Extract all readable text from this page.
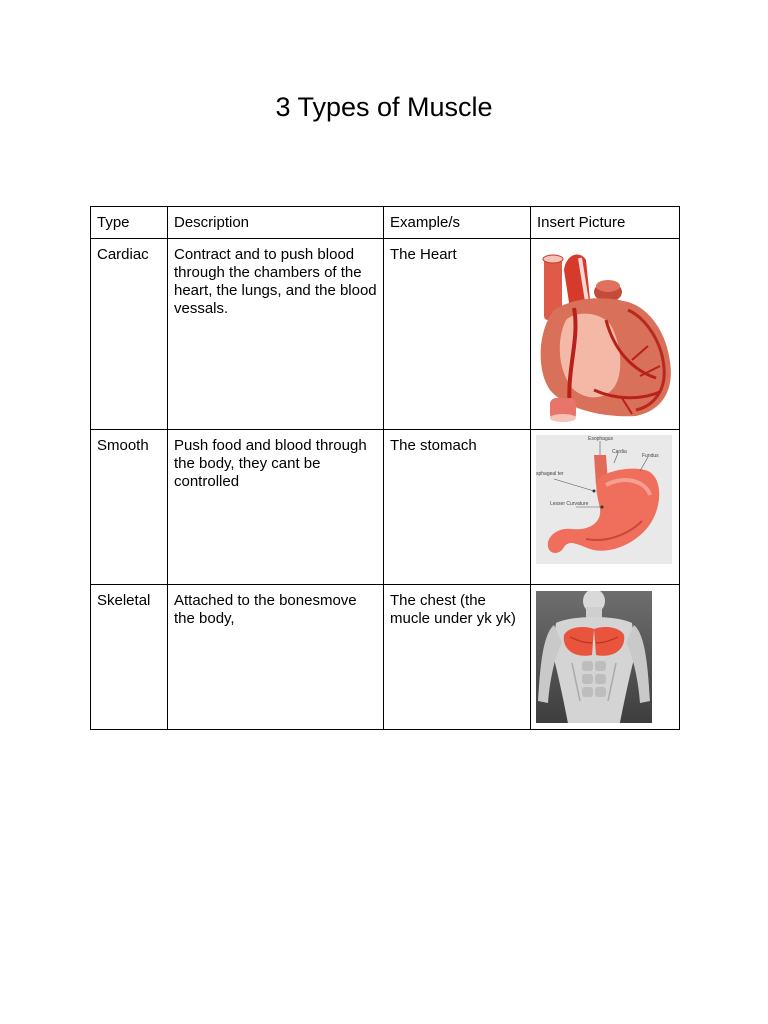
3 Types of Muscle
Type	Description	Example/s	Insert Picture
Cardiac	Contract and to push blood through the chambers of the heart, the lungs, and the blood vessals.	The Heart	

Smooth	Push food and blood through the body, they cant be controlled	The stomach	Esophagus
Cardia
Fundus
sphageal ter
Lesser Curvature

Skeletal	Attached to the bonesmove the body,	The chest (the mucle under yk yk)	
